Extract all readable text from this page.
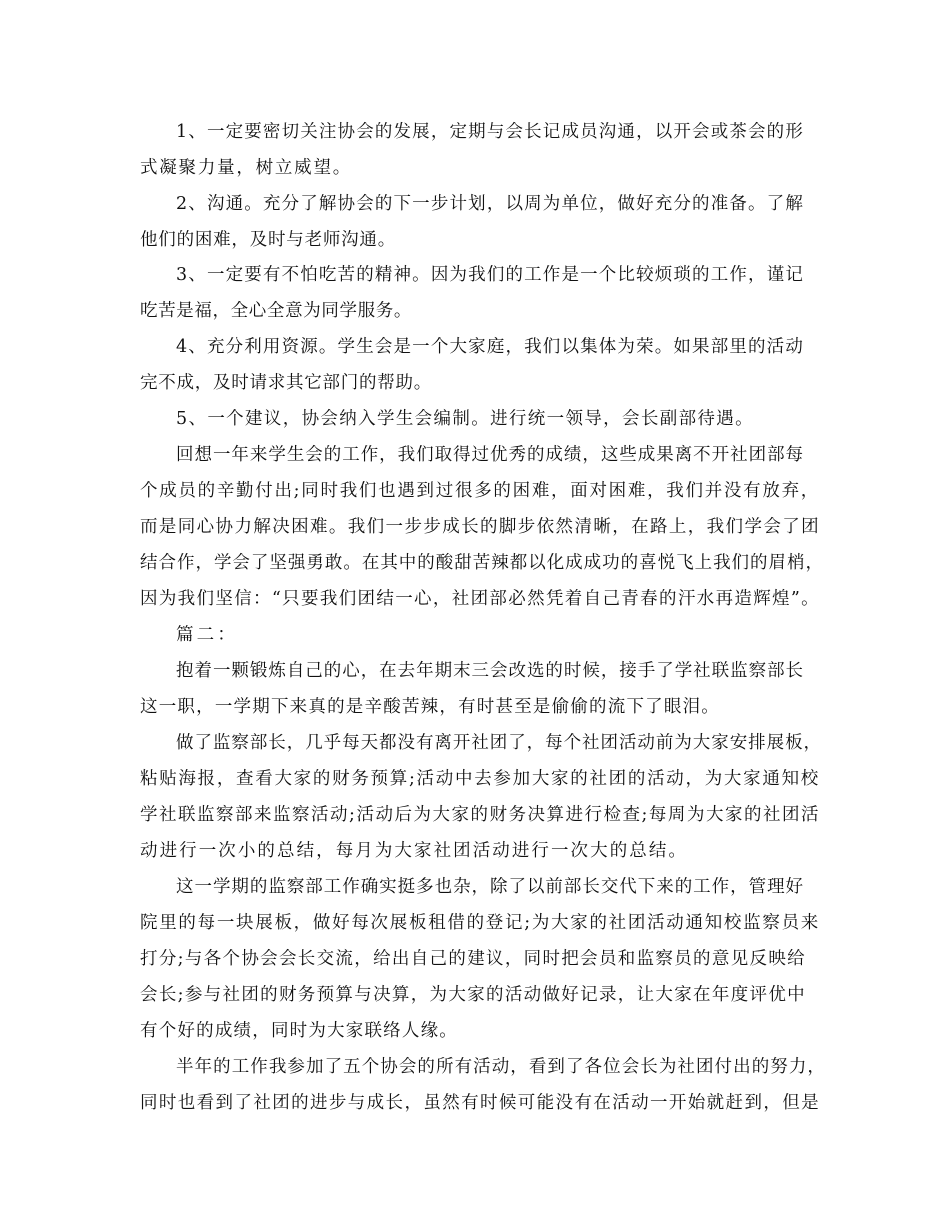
1、一定要密切关注协会的发展，定期与会长记成员沟通，以开会或茶会的形
式凝聚力量，树立威望。
2、沟通。充分了解协会的下一步计划，以周为单位，做好充分的准备。了解
他们的困难，及时与老师沟通。
3、一定要有不怕吃苦的精神。因为我们的工作是一个比较烦琐的工作，谨记
吃苦是福，全心全意为同学服务。
4、充分利用资源。学生会是一个大家庭，我们以集体为荣。如果部里的活动
完不成，及时请求其它部门的帮助。
5、一个建议，协会纳入学生会编制。进行统一领导，会长副部待遇。
回想一年来学生会的工作，我们取得过优秀的成绩，这些成果离不开社团部每
个成员的辛勤付出;同时我们也遇到过很多的困难，面对困难，我们并没有放弃，
而是同心协力解决困难。我们一步步成长的脚步依然清晰，在路上，我们学会了团
结合作，学会了坚强勇敢。在其中的酸甜苦辣都以化成成功的喜悦飞上我们的眉梢，
因为我们坚信：“只要我们团结一心，社团部必然凭着自己青春的汗水再造辉煌”。
篇二：
抱着一颗锻炼自己的心，在去年期末三会改选的时候，接手了学社联监察部长
这一职，一学期下来真的是辛酸苦辣，有时甚至是偷偷的流下了眼泪。
做了监察部长，几乎每天都没有离开社团了，每个社团活动前为大家安排展板，
粘贴海报，查看大家的财务预算;活动中去参加大家的社团的活动，为大家通知校
学社联监察部来监察活动;活动后为大家的财务决算进行检查;每周为大家的社团活
动进行一次小的总结，每月为大家社团活动进行一次大的总结。
这一学期的监察部工作确实挺多也杂，除了以前部长交代下来的工作，管理好
院里的每一块展板，做好每次展板租借的登记;为大家的社团活动通知校监察员来
打分;与各个协会会长交流，给出自己的建议，同时把会员和监察员的意见反映给
会长;参与社团的财务预算与决算，为大家的活动做好记录，让大家在年度评优中
有个好的成绩，同时为大家联络人缘。
半年的工作我参加了五个协会的所有活动，看到了各位会长为社团付出的努力，
同时也看到了社团的进步与成长，虽然有时候可能没有在活动一开始就赶到，但是
